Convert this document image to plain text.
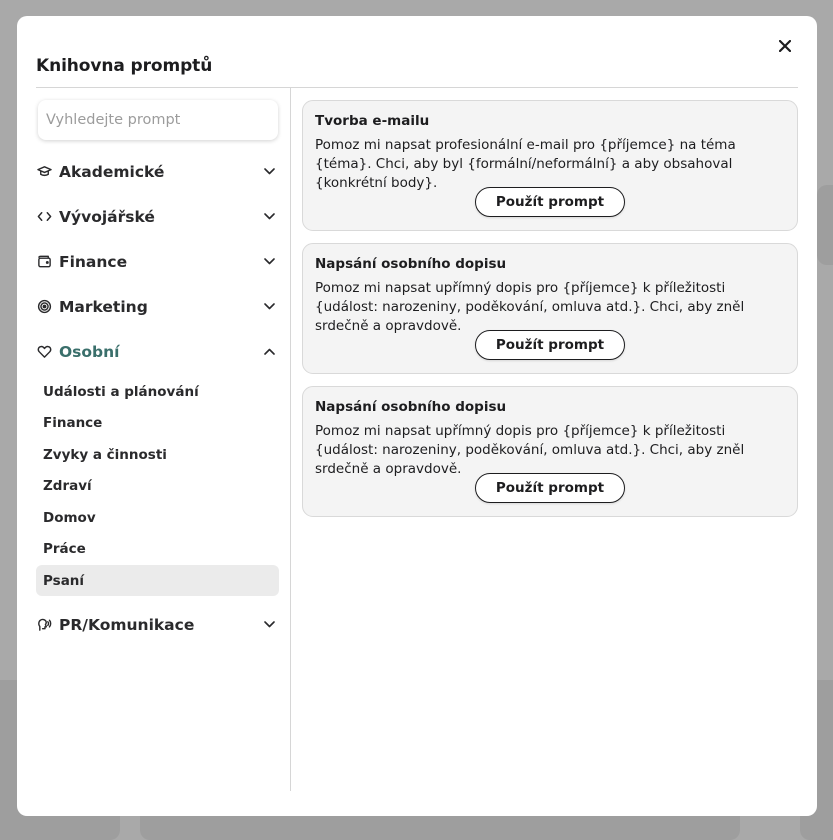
Knihovna promptů
Vyhledejte prompt
Akademické
Vývojářské
Finance
Marketing
Osobní
Události a plánování
Finance
Zvyky a činnosti
Zdraví
Domov
Práce
Psaní
PR/Komunikace

Tvorba e-mailu

Pomoz mi napsat profesionální e-mail pro {příjemce} na téma {téma}. Chci, aby byl {formální/neformální} a aby obsahoval {konkrétní body}.

Použít prompt

Napsání osobního dopisu

Pomoz mi napsat upřímný dopis pro {příjemce} k příležitosti {událost: narozeniny, poděkování, omluva atd.}. Chci, aby zněl srdečně a opravdově.

Použít prompt

Napsání osobního dopisu

Pomoz mi napsat upřímný dopis pro {příjemce} k příležitosti {událost: narozeniny, poděkování, omluva atd.}. Chci, aby zněl srdečně a opravdově.

Použít prompt
